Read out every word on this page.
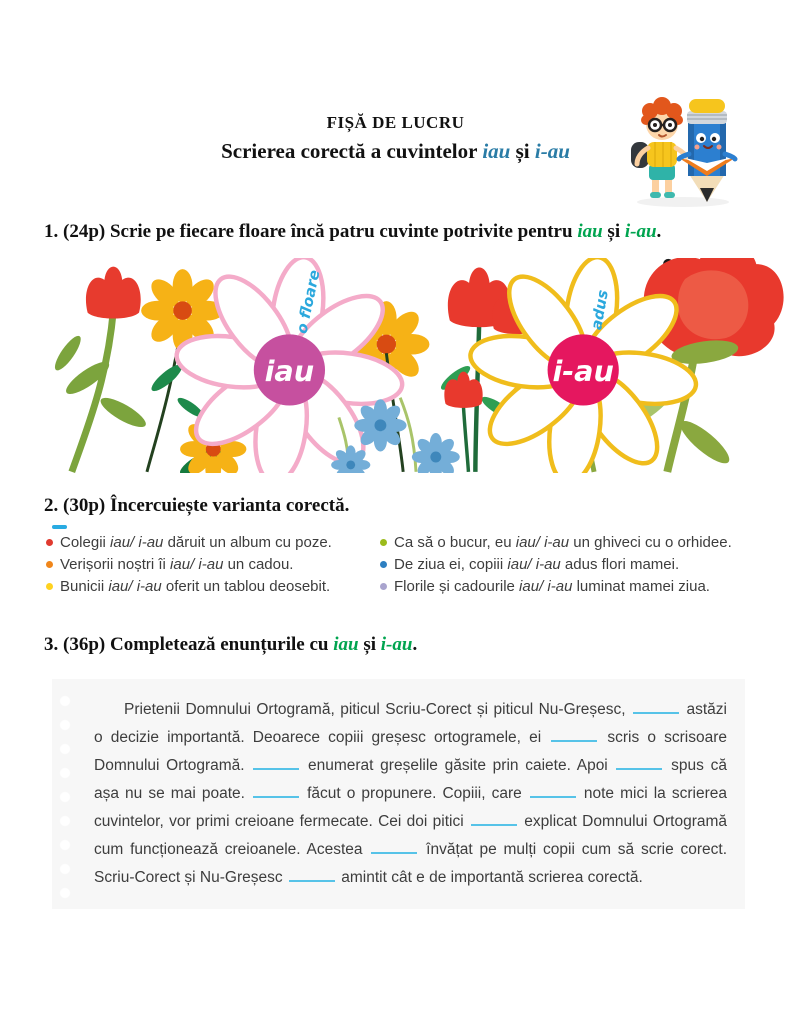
FIȘĂ DE LUCRU
Scrierea corectă a cuvintelor iau și i-au
1. (24p) Scrie pe fiecare floare încă patru cuvinte potrivite pentru iau și i-au.
iau
o floare
i-au
adus
2. (30p) Încercuiește varianta corectă.
Colegii iau/ i-au dăruit un album cu poze.
Verișorii noștri îi iau/ i-au un cadou.
Bunicii iau/ i-au oferit un tablou deosebit.
Ca să o bucur, eu iau/ i-au un ghiveci cu o orhidee.
De ziua ei, copiii iau/ i-au adus flori mamei.
Florile și cadourile iau/ i-au luminat mamei ziua.
3. (36p) Completează enunțurile cu iau și i-au.

Prietenii Domnului Ortogramă, piticul Scriu-Corect și piticul Nu-Greșesc,	astăzi o decizie importantă. Deoarece copiii greșesc ortogramele, ei	scris o scrisoare Domnului Ortogramă.	enumerat greșelile găsite prin caiete. Apoi	spus că așa nu se mai poate.	făcut o propunere. Copiii, care	note mici la scrierea cuvintelor, vor primi creioane fermecate. Cei doi pitici	explicat Domnului Ortogramă cum funcționează creioanele. Acestea	învățat pe mulți copii cum să scrie corect. Scriu-Corect și Nu-Greșesc	amintit cât e de importantă scrierea corectă.
